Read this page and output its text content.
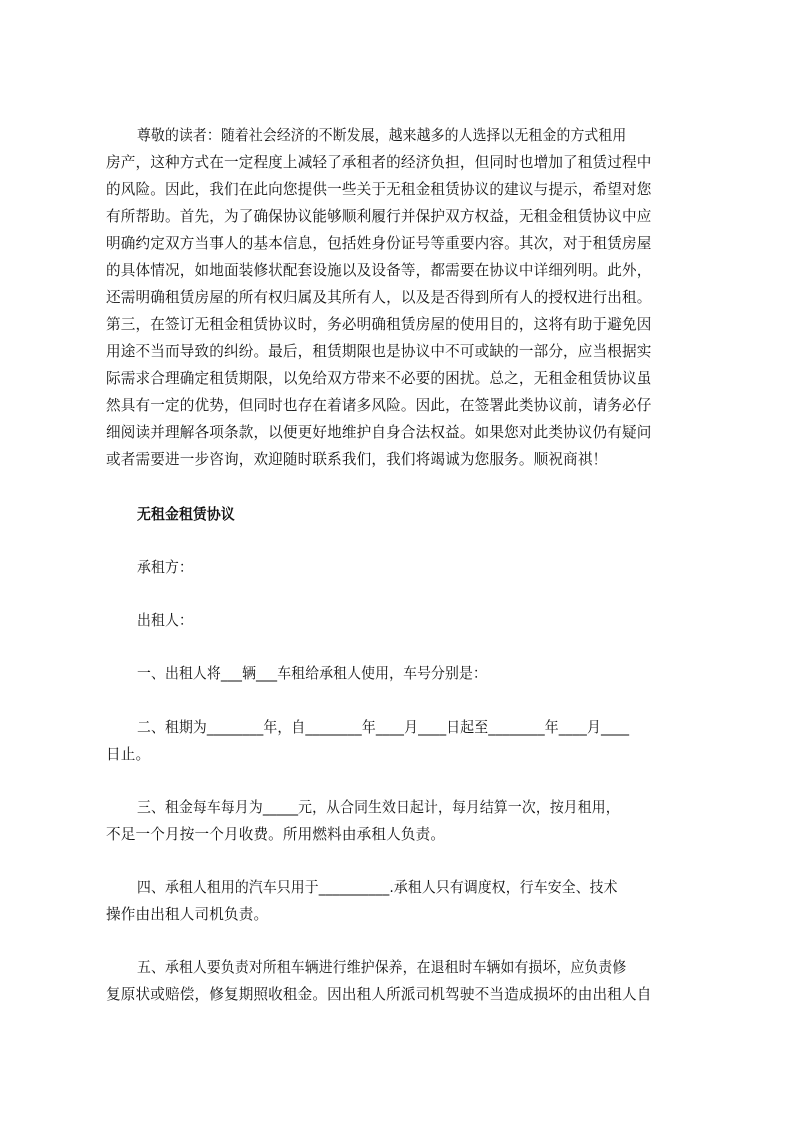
尊敬的读者：随着社会经济的不断发展，越来越多的人选择以无租金的方式租用
房产，这种方式在一定程度上减轻了承租者的经济负担，但同时也增加了租赁过程中
的风险。因此，我们在此向您提供一些关于无租金租赁协议的建议与提示，希望对您
有所帮助。首先，为了确保协议能够顺利履行并保护双方权益，无租金租赁协议中应
明确约定双方当事人的基本信息，包括姓身份证号等重要内容。其次，对于租赁房屋
的具体情况，如地面装修状配套设施以及设备等，都需要在协议中详细列明。此外，
还需明确租赁房屋的所有权归属及其所有人，以及是否得到所有人的授权进行出租。
第三，在签订无租金租赁协议时，务必明确租赁房屋的使用目的，这将有助于避免因
用途不当而导致的纠纷。最后，租赁期限也是协议中不可或缺的一部分，应当根据实
际需求合理确定租赁期限，以免给双方带来不必要的困扰。总之，无租金租赁协议虽
然具有一定的优势，但同时也存在着诸多风险。因此，在签署此类协议前，请务必仔
细阅读并理解各项条款，以便更好地维护自身合法权益。如果您对此类协议仍有疑问
或者需要进一步咨询，欢迎随时联系我们，我们将竭诚为您服务。顺祝商祺！
无租金租赁协议
承租方：
出租人：
一、出租人将___辆___车租给承租人使用，车号分别是：
二、租期为________年，自________年____月____日起至________年____月____
日止。
三、租金每车每月为_____元，从合同生效日起计，每月结算一次，按月租用，
不足一个月按一个月收费。所用燃料由承租人负责。
四、承租人租用的汽车只用于__________.承租人只有调度权，行车安全、技术
操作由出租人司机负责。
五、承租人要负责对所租车辆进行维护保养，在退租时车辆如有损坏，应负责修
复原状或赔偿，修复期照收租金。因出租人所派司机驾驶不当造成损坏的由出租人自
